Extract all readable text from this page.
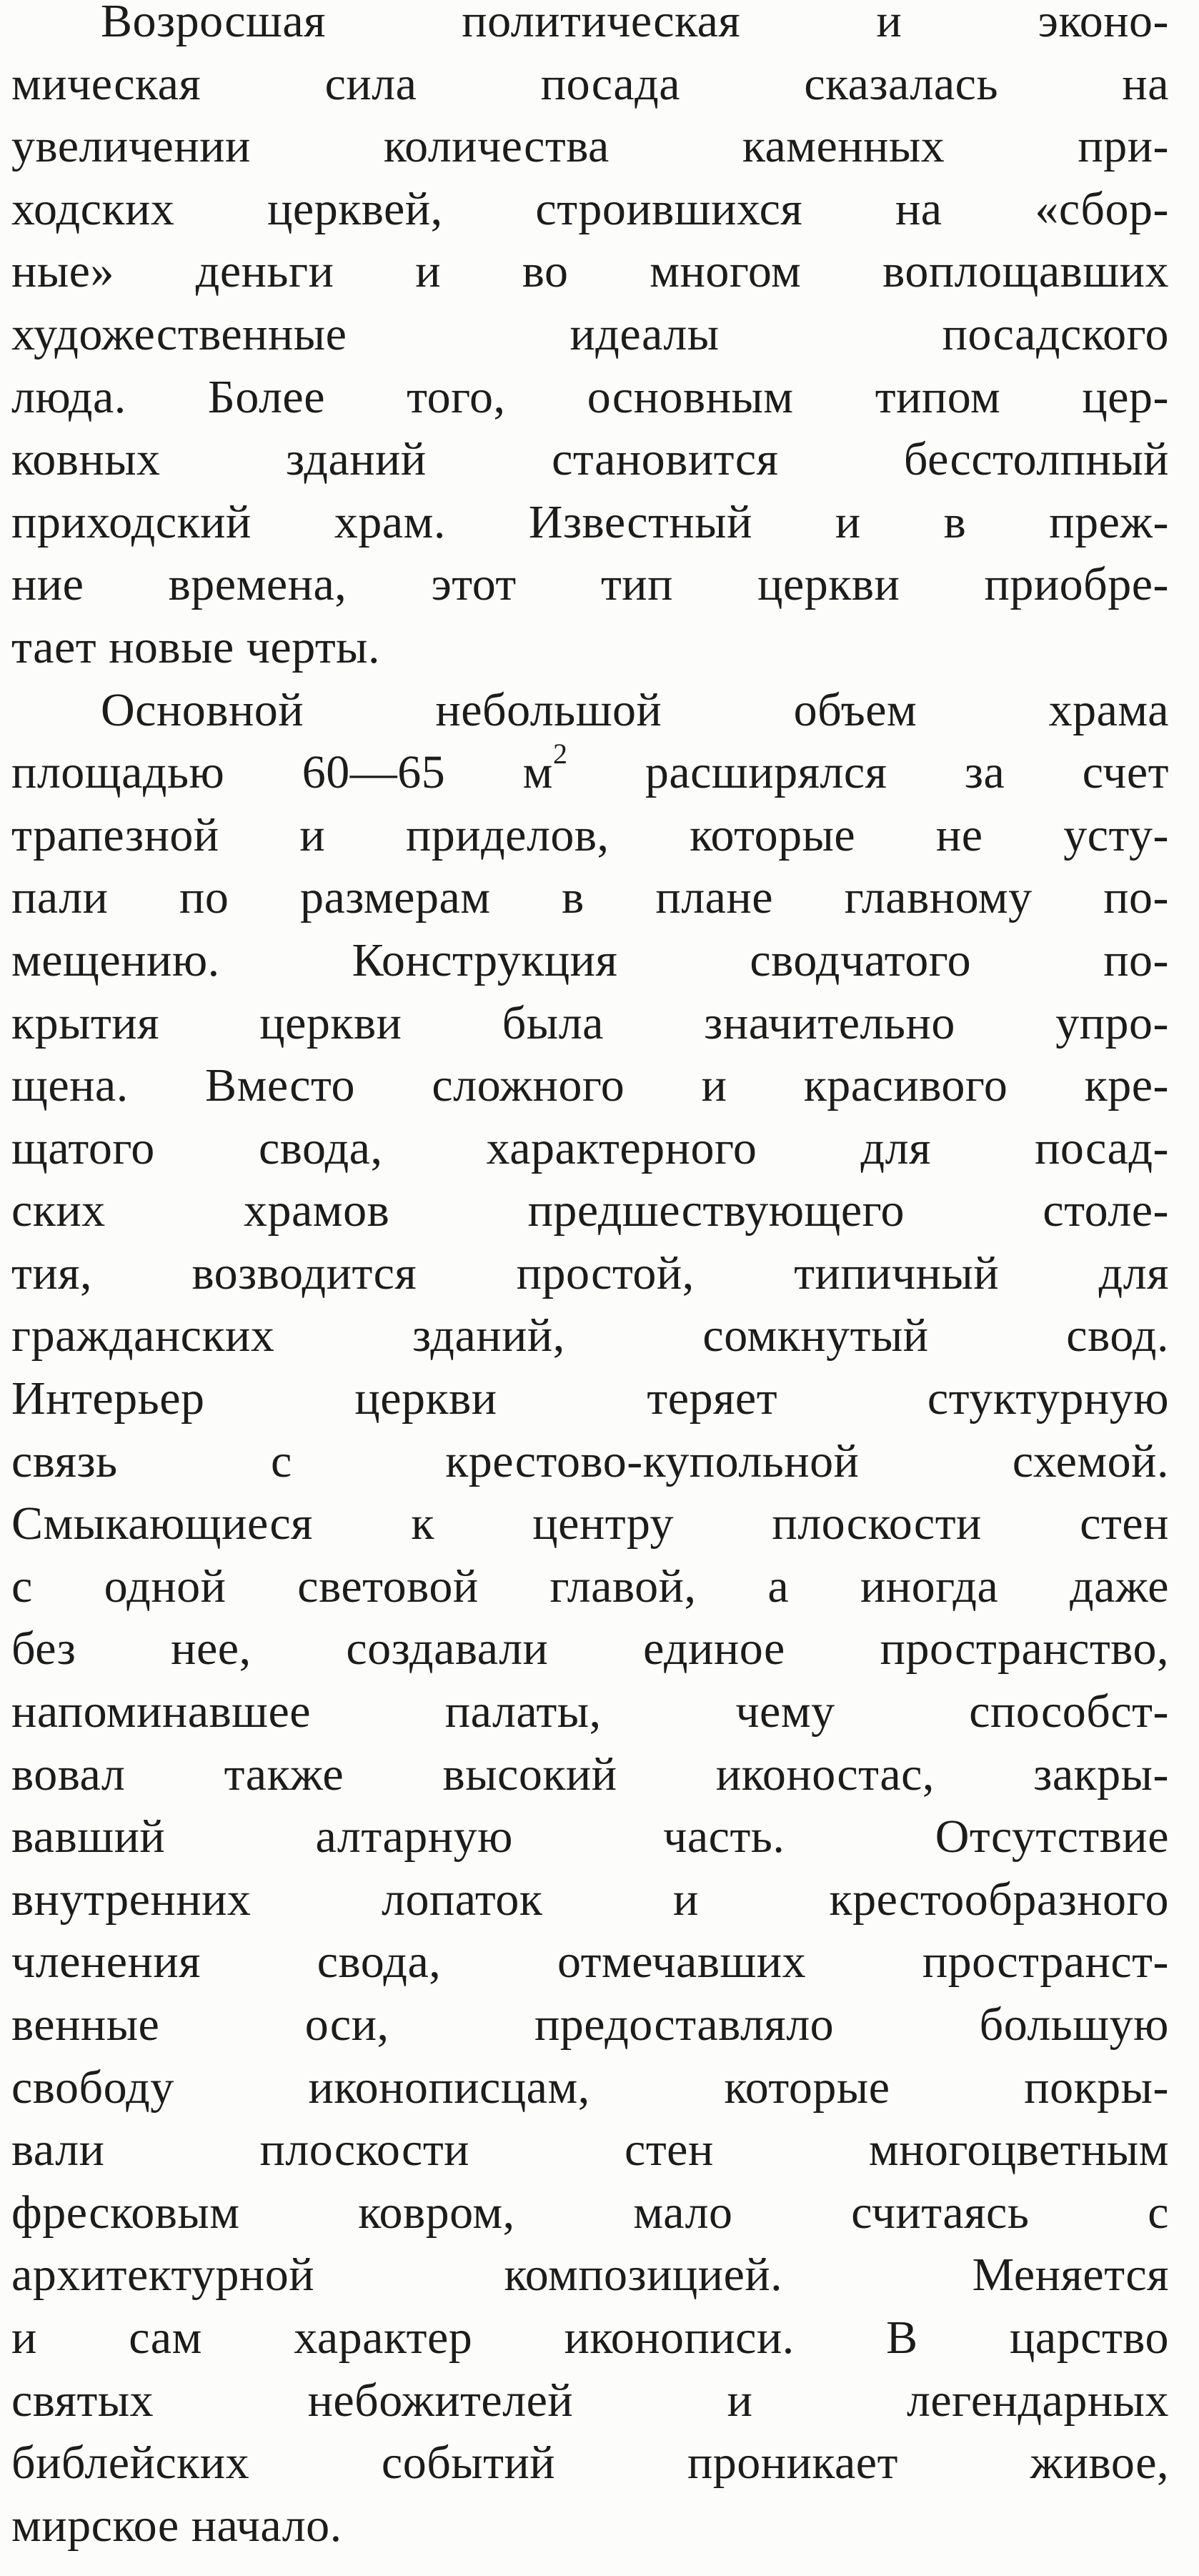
Возросшая политическая и эконо-
мическая сила посада сказалась на
увеличении количества каменных при-
ходских церквей, строившихся на «сбор-
ные» деньги и во многом воплощавших
художественные идеалы посадского
люда. Более того, основным типом цер-
ковных зданий становится бесстолпный
приходский храм. Известный и в преж-
ние времена, этот тип церкви приобре-
тает новые черты.
Основной небольшой объем храма
площадью 60—65 $м^2$ расширялся за счет
трапезной и приделов, которые не усту-
пали по размерам в плане главному по-
мещению. Конструкция сводчатого по-
крытия церкви была значительно упро-
щена. Вместо сложного и красивого кре-
щатого свода, характерного для посад-
ских храмов предшествующего столе-
тия, возводится простой, типичный для
гражданских зданий, сомкнутый свод.
Интерьер церкви теряет стуктурную
связь с крестово-купольной схемой.
Смыкающиеся к центру плоскости стен
с одной световой главой, а иногда даже
без нее, создавали единое пространство,
напоминавшее палаты, чему способст-
вовал также высокий иконостас, закры-
вавший алтарную часть. Отсутствие
внутренних лопаток и крестообразного
членения свода, отмечавших пространст-
венные оси, предоставляло большую
свободу иконописцам, которые покры-
вали плоскости стен многоцветным
фресковым ковром, мало считаясь с
архитектурной композицией. Меняется
и сам характер иконописи. В царство
святых небожителей и легендарных
библейских событий проникает живое,
мирское начало.
